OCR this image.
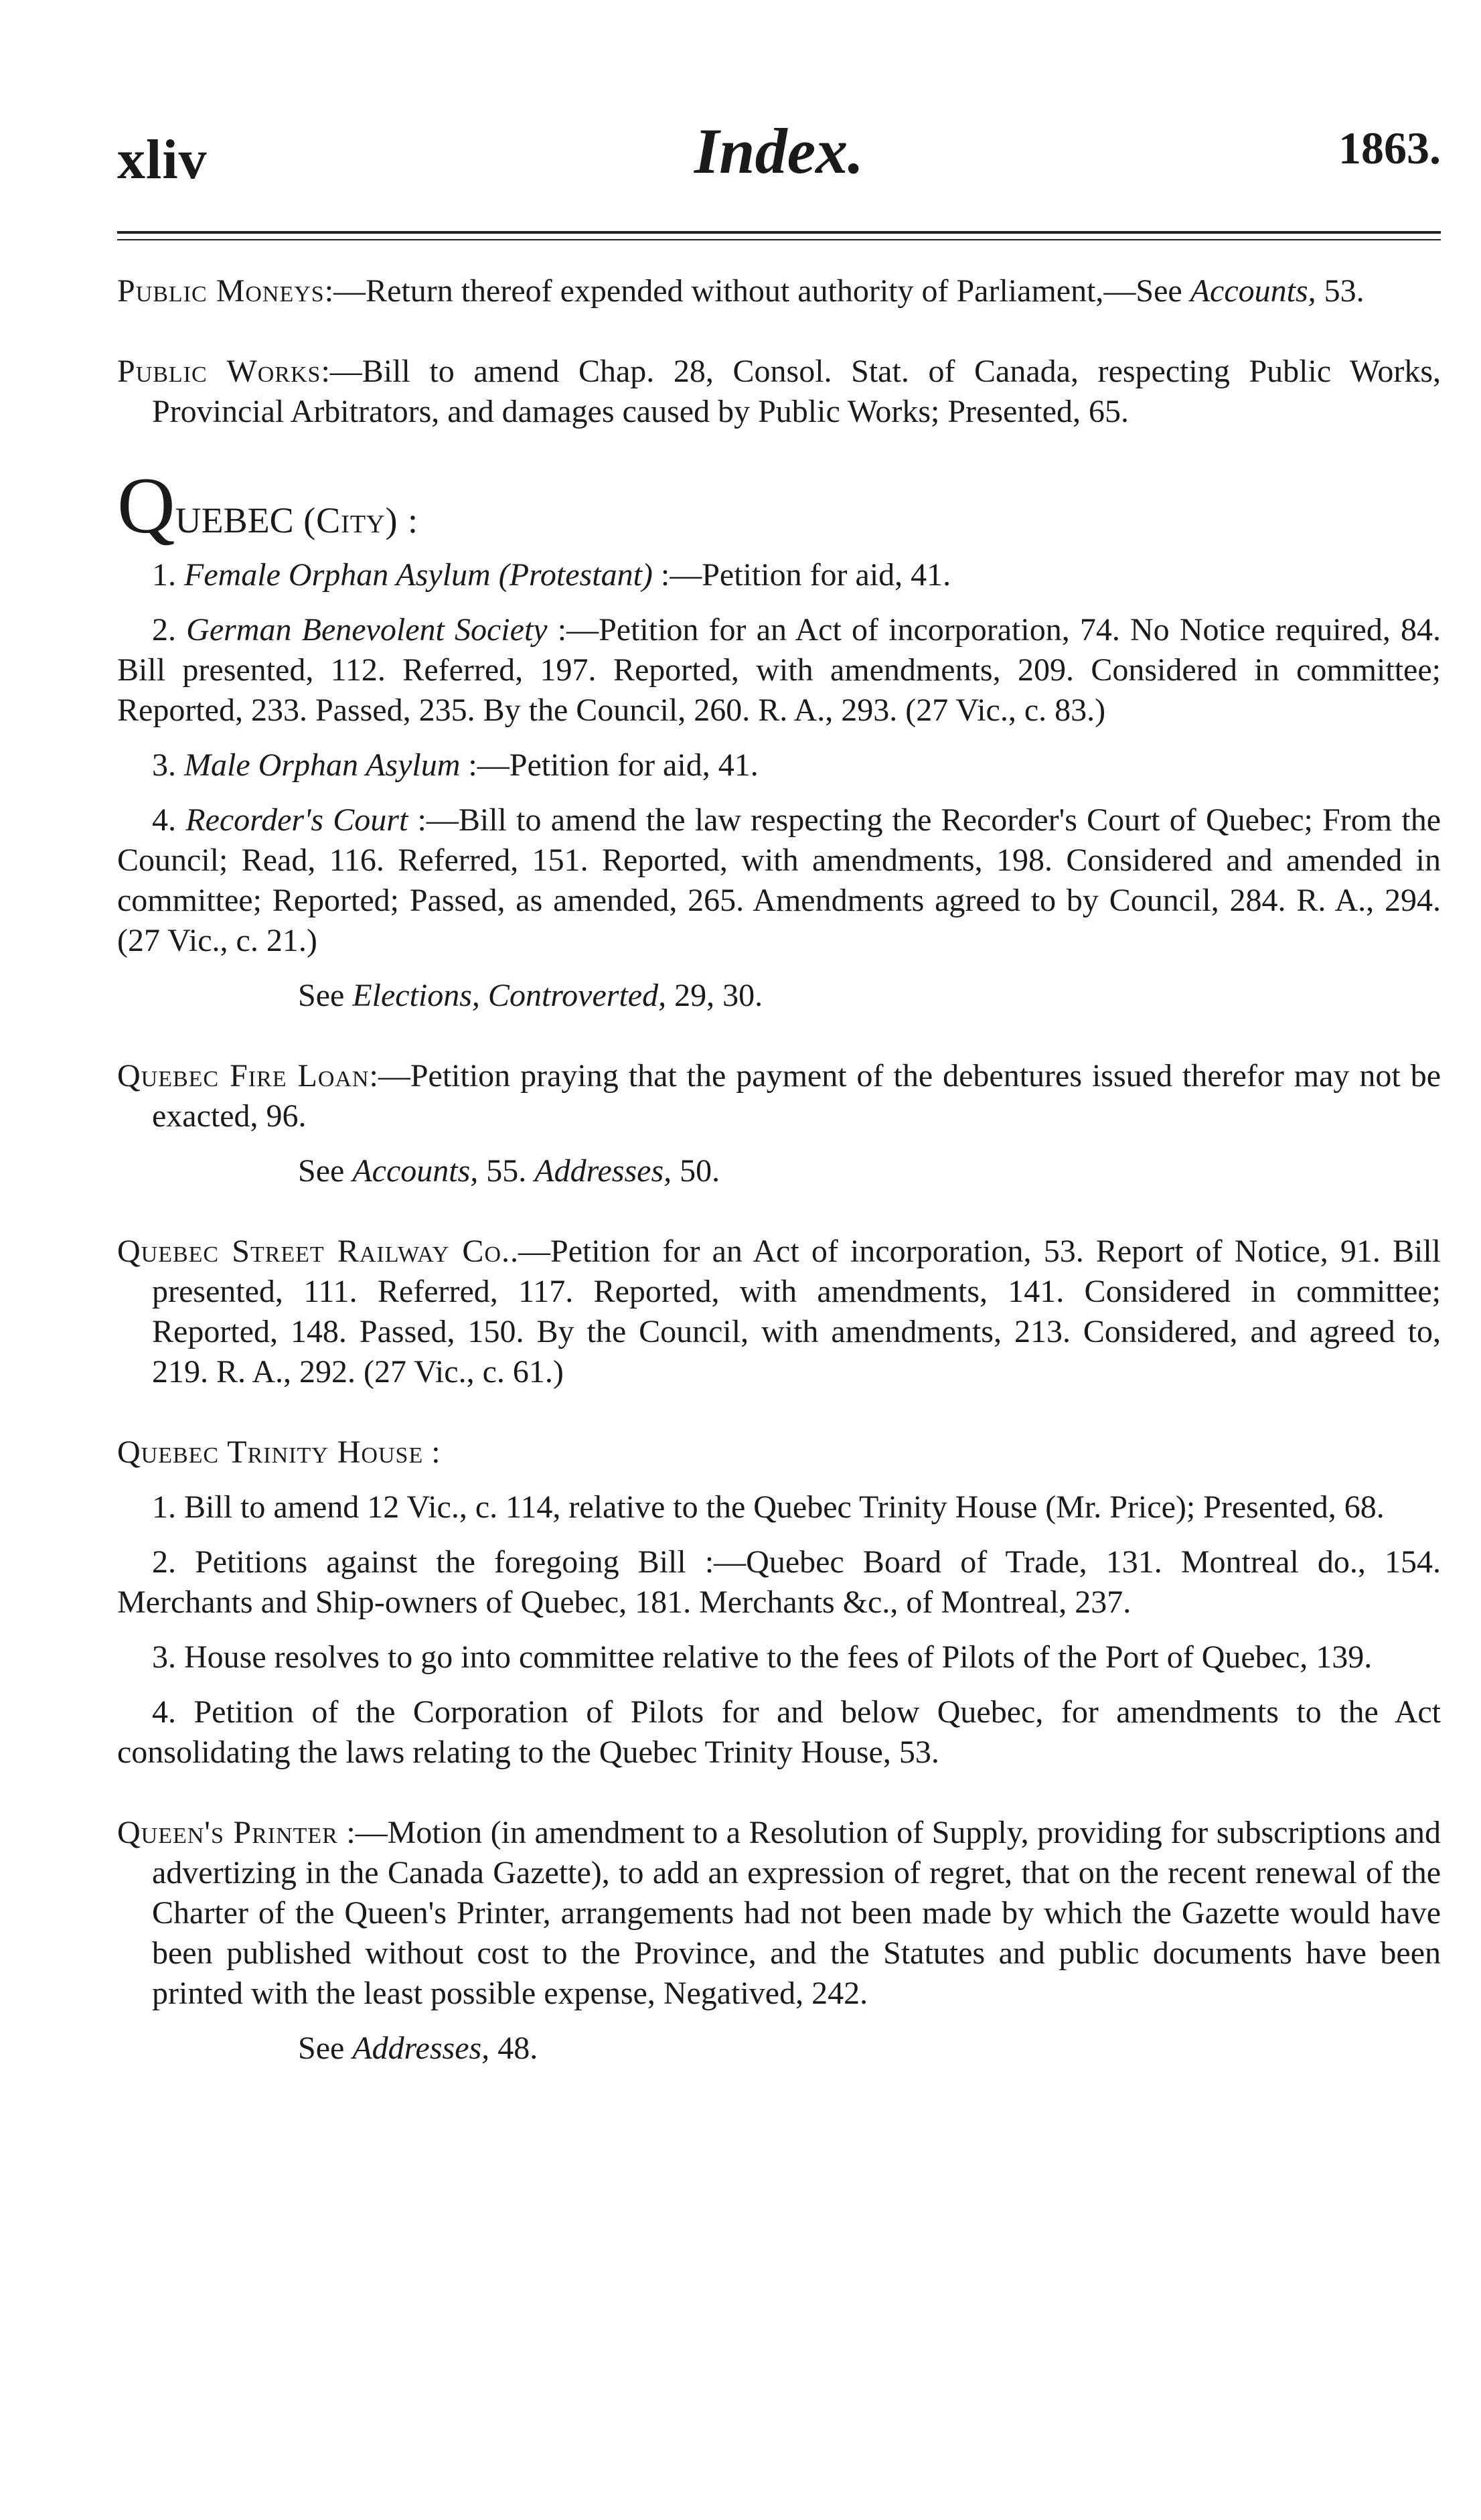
xliv	Index.	1863.

Public Moneys:—Return thereof expended without authority of Parliament,—See Accounts, 53.

Public Works:—Bill to amend Chap. 28, Consol. Stat. of Canada, respecting Public Works, Provincial Arbitrators, and damages caused by Public Works; Presented, 65.

QUEBEC (City) :

1. Female Orphan Asylum (Protestant) :—Petition for aid, 41.

2. German Benevolent Society :—Petition for an Act of incorporation, 74. No Notice required, 84. Bill presented, 112. Referred, 197. Reported, with amendments, 209. Considered in committee; Reported, 233. Passed, 235. By the Council, 260. R. A., 293. (27 Vic., c. 83.)

3. Male Orphan Asylum :—Petition for aid, 41.

4. Recorder's Court :—Bill to amend the law respecting the Recorder's Court of Quebec; From the Council; Read, 116. Referred, 151. Reported, with amendments, 198. Considered and amended in committee; Reported; Passed, as amended, 265. Amendments agreed to by Council, 284. R. A., 294. (27 Vic., c. 21.)

See Elections, Controverted, 29, 30.

Quebec Fire Loan:—Petition praying that the payment of the debentures issued therefor may not be exacted, 96.

See Accounts, 55. Addresses, 50.

Quebec Street Railway Co..—Petition for an Act of incorporation, 53. Report of Notice, 91. Bill presented, 111. Referred, 117. Reported, with amendments, 141. Considered in committee; Reported, 148. Passed, 150. By the Council, with amendments, 213. Considered, and agreed to, 219. R. A., 292. (27 Vic., c. 61.)

Quebec Trinity House :

1. Bill to amend 12 Vic., c. 114, relative to the Quebec Trinity House (Mr. Price); Presented, 68.

2. Petitions against the foregoing Bill :—Quebec Board of Trade, 131. Montreal do., 154. Merchants and Ship-owners of Quebec, 181. Merchants &c., of Montreal, 237.

3. House resolves to go into committee relative to the fees of Pilots of the Port of Quebec, 139.

4. Petition of the Corporation of Pilots for and below Quebec, for amendments to the Act consolidating the laws relating to the Quebec Trinity House, 53.

Queen's Printer :—Motion (in amendment to a Resolution of Supply, providing for subscriptions and advertizing in the Canada Gazette), to add an expression of regret, that on the recent renewal of the Charter of the Queen's Printer, arrangements had not been made by which the Gazette would have been published without cost to the Province, and the Statutes and public documents have been printed with the least possible expense, Negatived, 242.

See Addresses, 48.
